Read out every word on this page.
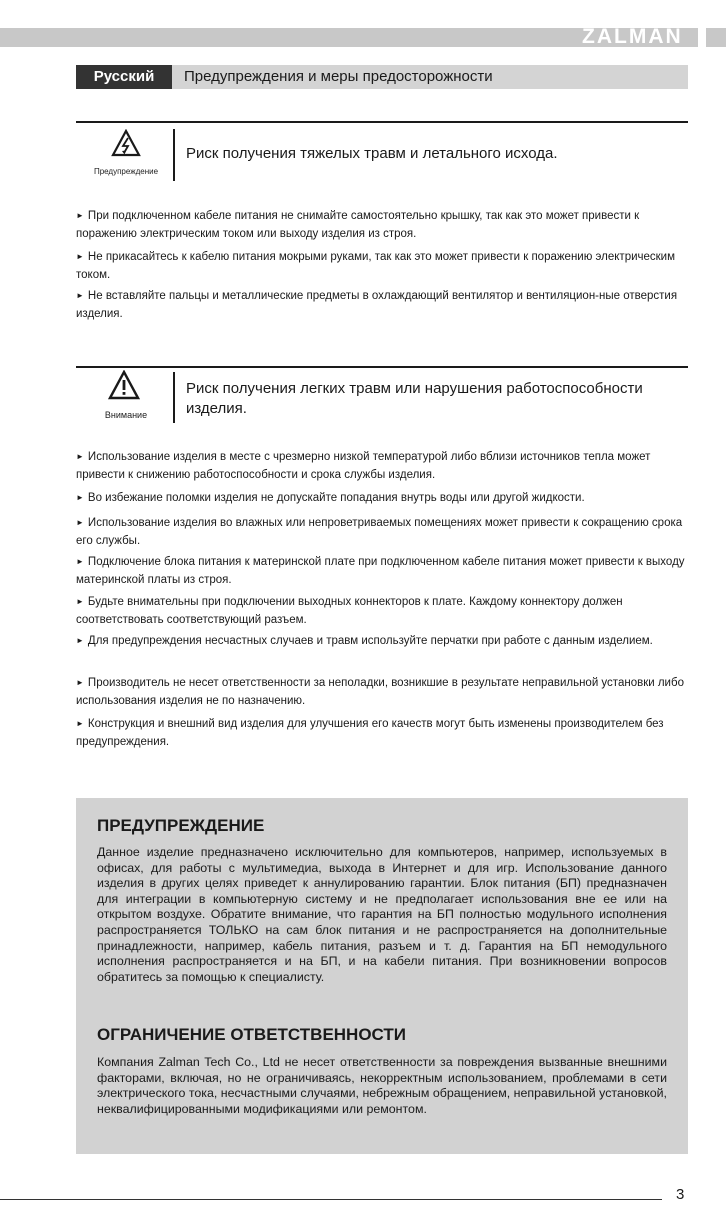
ZALMAN
Русский	Предупреждения и меры предосторожности
Предупреждение
Риск получения тяжелых травм и летального исхода.

► При подключенном кабеле питания не снимайте самостоятельно крышку, так как это может привести к поражению электрическим током или выходу изделия из строя.

► Не прикасайтесь к кабелю питания мокрыми руками, так как это может привести к поражению электрическим током.

► Не вставляйте пальцы и металлические предметы в охлаждающий вентилятор и вентиляцион-ные отверстия изделия.

Внимание
Риск получения легких травм или нарушения работоспособности
изделия.

► Использование изделия в месте с чрезмерно низкой температурой либо вблизи источников тепла может привести к снижению работоспособности и срока службы изделия.

► Во избежание поломки изделия не допускайте попадания внутрь воды или другой жидкости.

► Использование изделия во влажных или непроветриваемых помещениях может привести к сокращению срока его службы.

► Подключение блока питания к материнской плате при подключенном кабеле питания может привести к выходу материнской платы из строя.

► Будьте внимательны при подключении выходных коннекторов к плате. Каждому коннектору должен соответствовать соответствующий разъем.

► Для предупреждения несчастных случаев и травм используйте перчатки при работе с данным изделием.

► Производитель не несет ответственности за неполадки, возникшие в результате неправильной установки либо использования изделия не по назначению.

► Конструкция и внешний вид изделия для улучшения его качеств могут быть изменены производителем без предупреждения.

ПРЕДУПРЕЖДЕНИЕ

Данное изделие предназначено исключительно для компьютеров, например, используемых в офисах, для работы с мультимедиа, выхода в Интернет и для игр. Использование данного изделия в других целях приведет к аннулированию гарантии. Блок питания (БП) предназначен для интеграции в компьютерную систему и не предполагает использования вне ее или на открытом воздухе. Обратите внимание, что гарантия на БП полностью модульного исполнения распространяется ТОЛЬКО на сам блок питания и не распространяется на дополнительные принадлежности, например, кабель питания, разъем и т. д. Гарантия на БП немодульного исполнения распространяется и на БП, и на кабели питания. При возникновении вопросов обратитесь за помощью к специалисту.

ОГРАНИЧЕНИЕ ОТВЕТСТВЕННОСТИ

Компания Zalman Tech Co., Ltd не несет ответственности за повреждения вызванные внешними факторами, включая, но не ограничиваясь, некорректным использованием, проблемами в сети электрического тока, несчастными случаями, небрежным обращением, неправильной установкой, неквалифицированными модификациями или ремонтом.

3
